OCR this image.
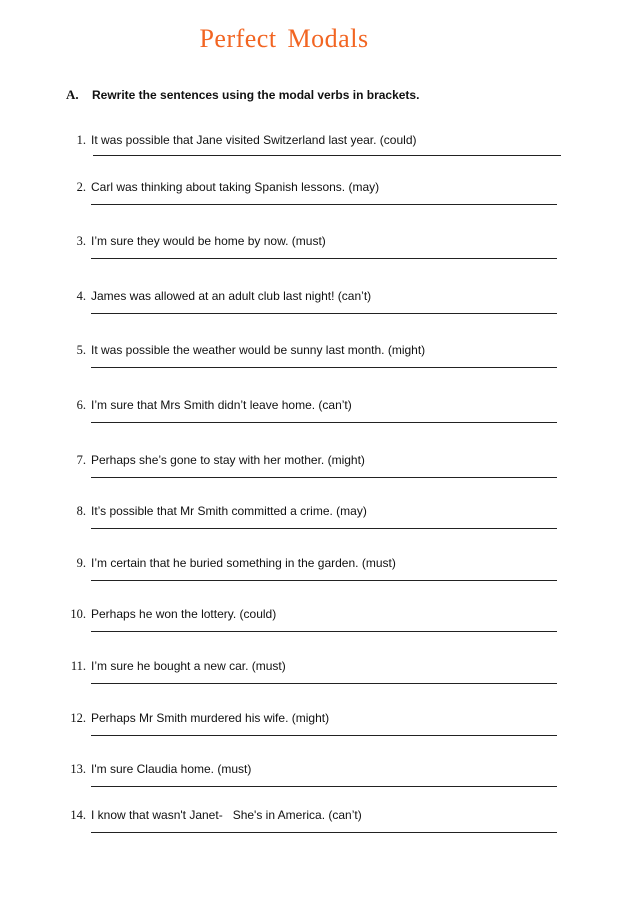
Perfect Modals
A. Rewrite the sentences using the modal verbs in brackets.
1. It was possible that Jane visited Switzerland last year. (could)
2. Carl was thinking about taking Spanish lessons. (may)
3. I’m sure they would be home by now. (must)
4. James was allowed at an adult club last night! (can’t)
5. It was possible the weather would be sunny last month. (might)
6. I’m sure that Mrs Smith didn’t leave home. (can’t)
7. Perhaps she’s gone to stay with her mother. (might)
8. It’s possible that Mr Smith committed a crime. (may)
9. I’m certain that he buried something in the garden. (must)
10. Perhaps he won the lottery. (could)
11. I’m sure he bought a new car. (must)
12. Perhaps Mr Smith murdered his wife. (might)
13. I'm sure Claudia home. (must)
14. I know that wasn't Janet-   She's in America. (can’t)
